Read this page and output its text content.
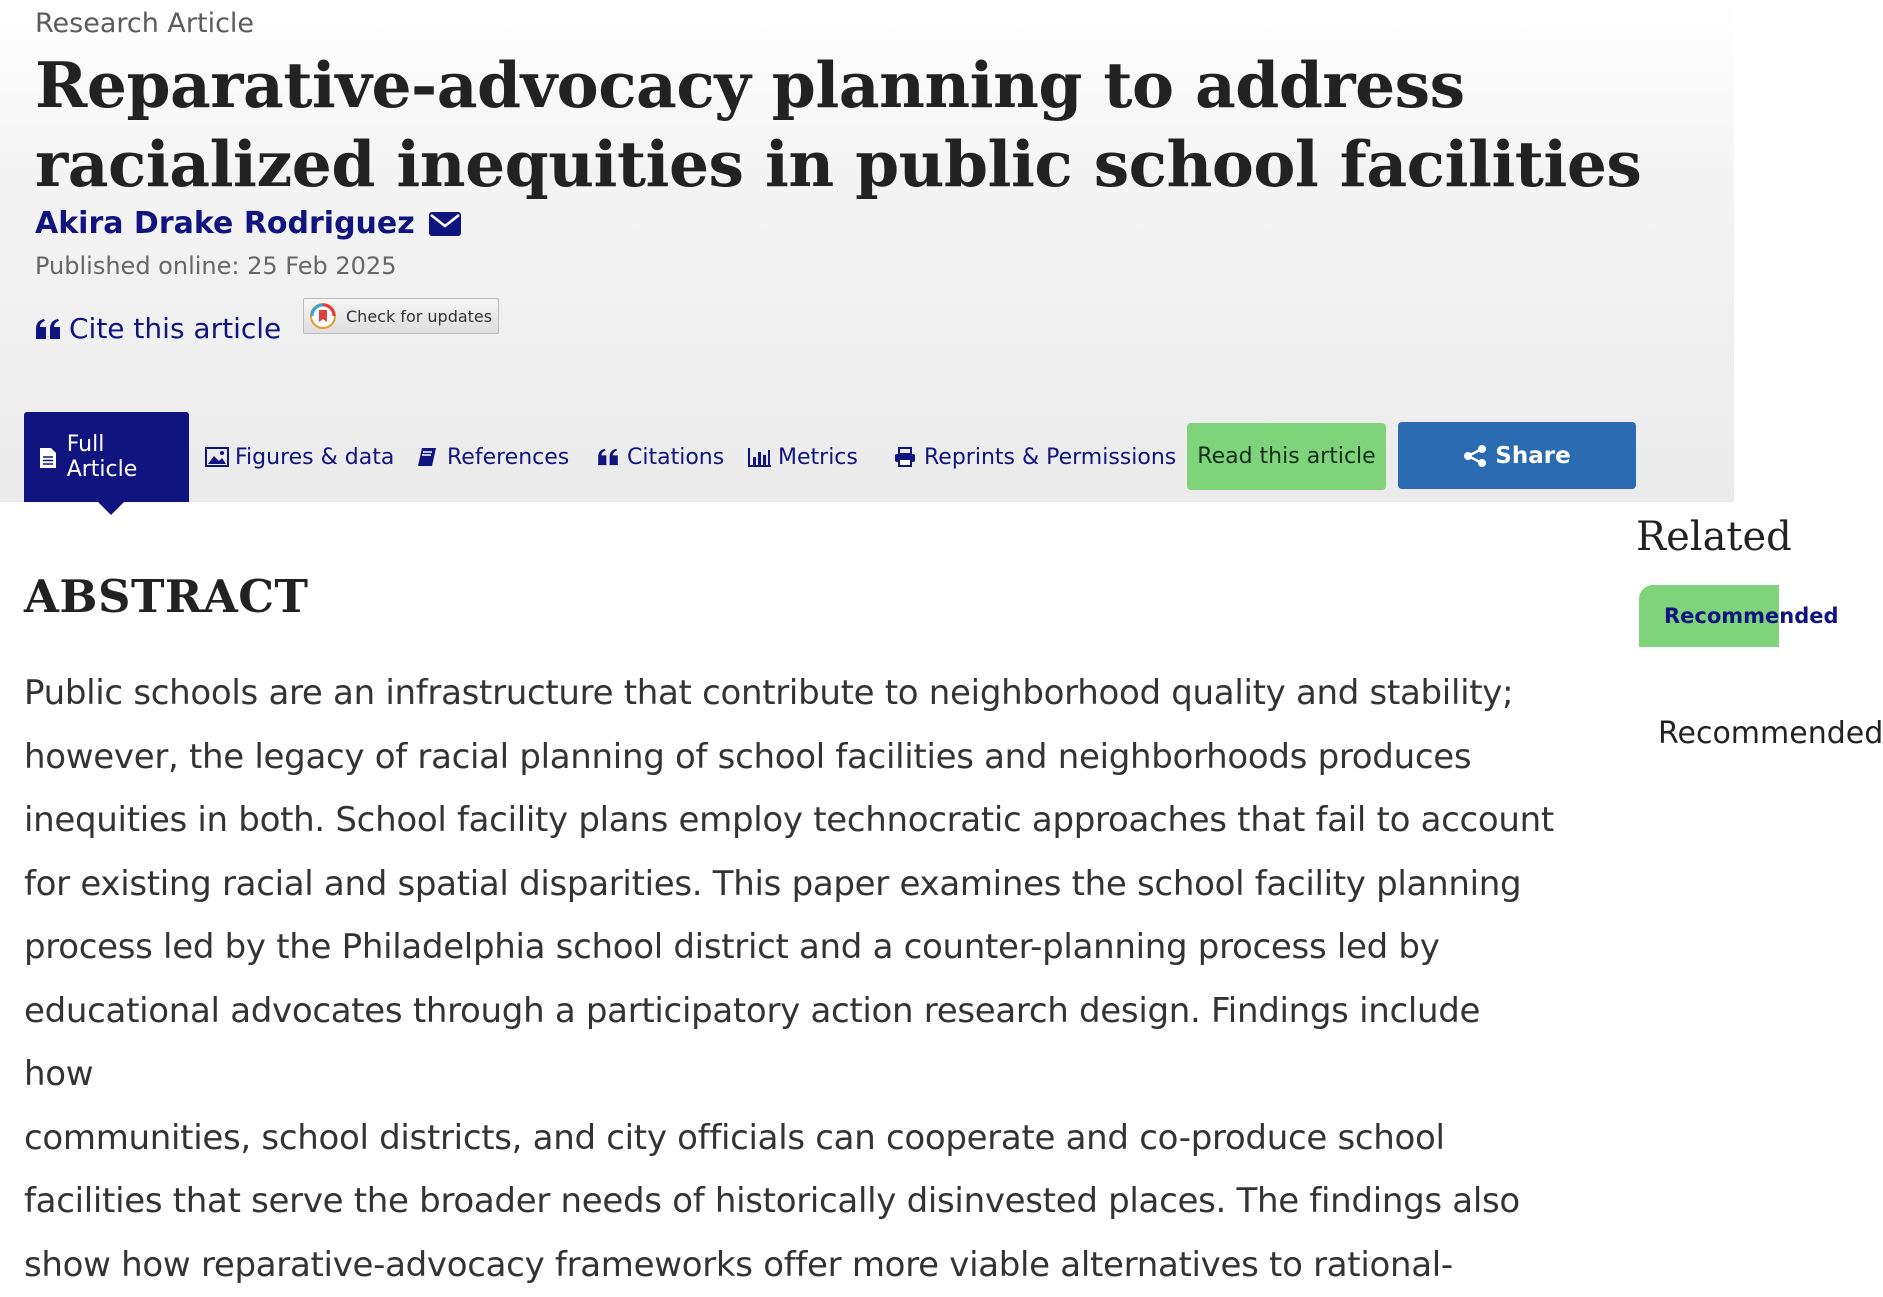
Research Article
Reparative-advocacy planning to address racialized inequities in public school facilities
Akira Drake Rodriguez
Published online: 25 Feb 2025
Cite this article	Check for updates
Full Article	Figures & data References	Citations Metrics	Reprints & Permissions Read this article	Share
ABSTRACT
Public schools are an infrastructure that contribute to neighborhood quality and stability;
however, the legacy of racial planning of school facilities and neighborhoods produces
inequities in both. School facility plans employ technocratic approaches that fail to account
for existing racial and spatial disparities. This paper examines the school facility planning
process led by the Philadelphia school district and a counter-planning process led by
educational advocates through a participatory action research design. Findings include how
communities, school districts, and city officials can cooperate and co-produce school
facilities that serve the broader needs of historically disinvested places. The findings also
show how reparative-advocacy frameworks offer more viable alternatives to rational-
Related
Recommended
Recommended
